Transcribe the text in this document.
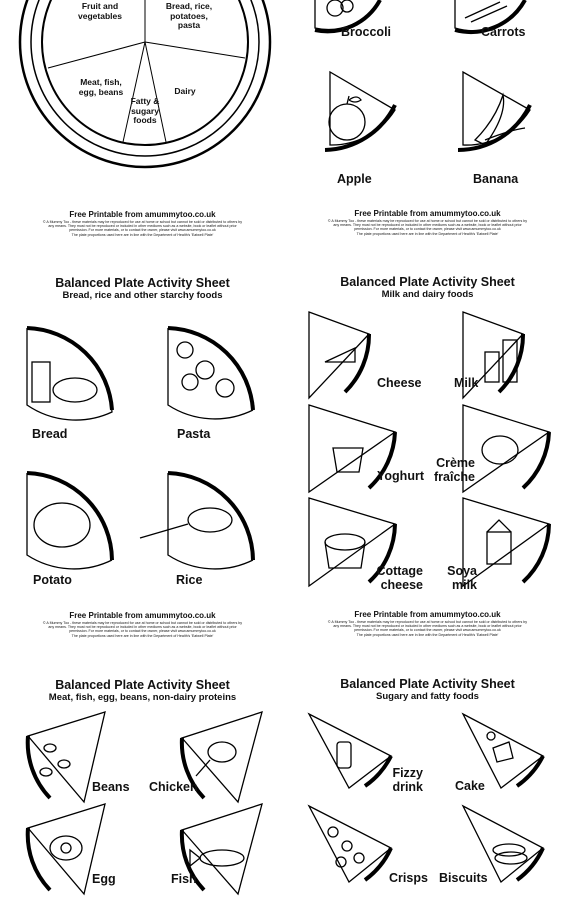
Fruit and vegetables
Bread, rice, potatoes, pasta
Meat, fish, egg, beans
Fatty & sugary foods
Dairy
Free Printable from amummytoo.co.uk
© A Mummy Too - these materials may be reproduced for use at home or school but cannot be sold or distributed to others by any means. They must not be reproduced or included in other mediums such as a website, book or leaflet without prior permission. For more materials, or to contact the owner, please visit www.amummytoo.co.uk
The plate proportions used here are in line with the Department of Health's 'Eatwell Plate'
Broccoli	Carrots
Apple	Banana
Free Printable from amummytoo.co.uk
© A Mummy Too - these materials may be reproduced for use at home or school but cannot be sold or distributed to others by any means. They must not be reproduced or included in other mediums such as a website, book or leaflet without prior permission. For more materials, or to contact the owner, please visit www.amummytoo.co.uk
The plate proportions used here are in line with the Department of Health's 'Eatwell Plate'
Balanced Plate Activity Sheet
Bread, rice and other starchy foods
Bread	Pasta
Potato	Rice
Free Printable from amummytoo.co.uk
© A Mummy Too - these materials may be reproduced for use at home or school but cannot be sold or distributed to others by any means. They must not be reproduced or included in other mediums such as a website, book or leaflet without prior permission. For more materials, or to contact the owner, please visit www.amummytoo.co.uk
The plate proportions used here are in line with the Department of Health's 'Eatwell Plate'
Balanced Plate Activity Sheet
Milk and dairy foods
Cheese	Milk
Yoghurt
Crème fraîche
Cottage cheese
Soya milk
Free Printable from amummytoo.co.uk
© A Mummy Too - these materials may be reproduced for use at home or school but cannot be sold or distributed to others by any means. They must not be reproduced or included in other mediums such as a website, book or leaflet without prior permission. For more materials, or to contact the owner, please visit www.amummytoo.co.uk
The plate proportions used here are in line with the Department of Health's 'Eatwell Plate'
Balanced Plate Activity Sheet
Meat, fish, egg, beans, non-dairy proteins
Beans Chicken
Egg	Fish
Balanced Plate Activity Sheet
Sugary and fatty foods
Fizzy drink	Cake
Crisps Biscuits
